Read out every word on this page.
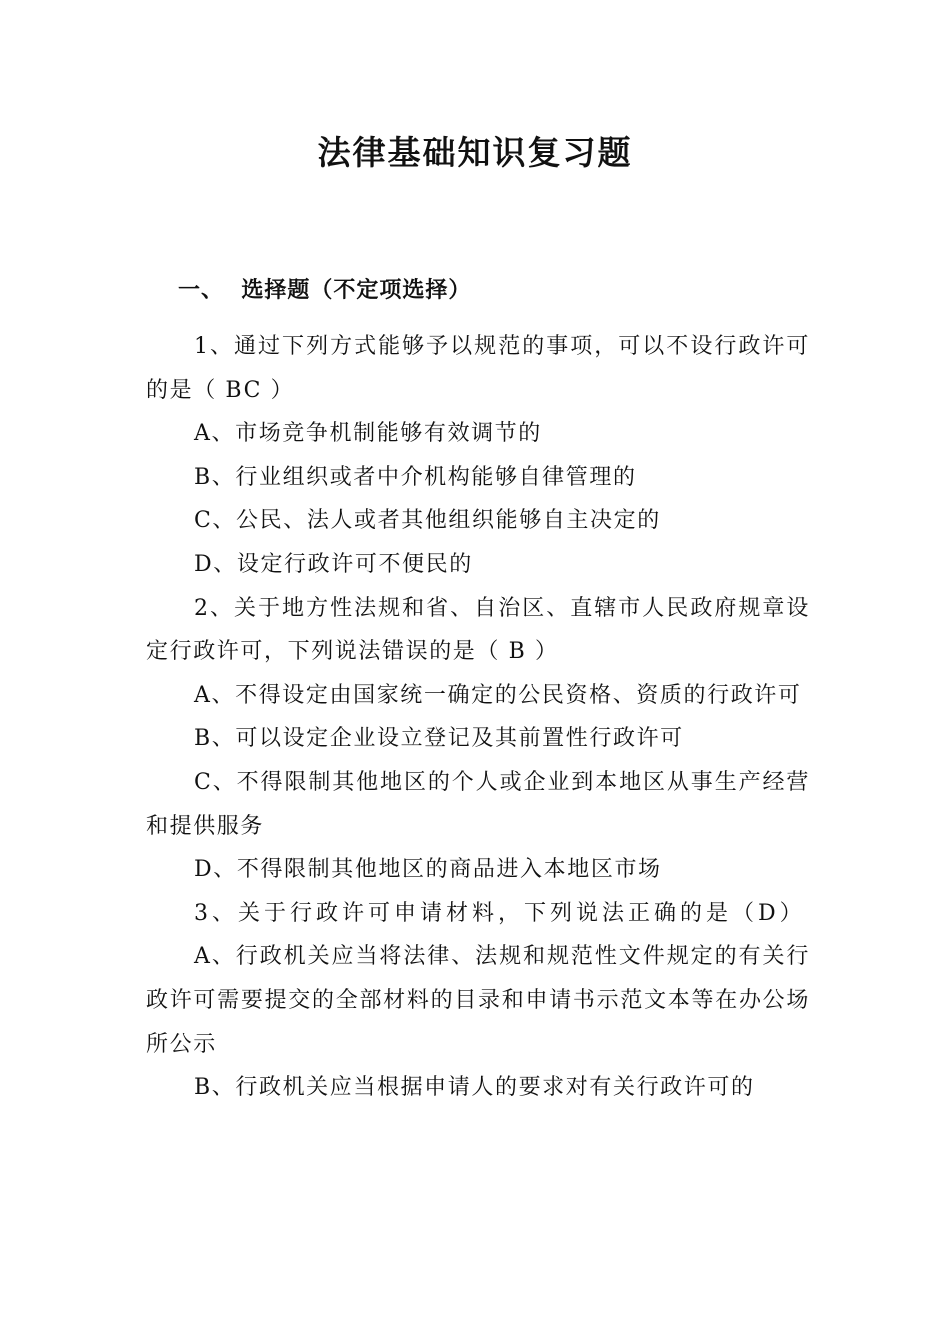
法律基础知识复习题
一、  选择题（不定项选择）

1、通过下列方式能够予以规范的事项，可以不设行政许可的是（ BC ）

A、市场竞争机制能够有效调节的

B、行业组织或者中介机构能够自律管理的

C、公民、法人或者其他组织能够自主决定的

D、设定行政许可不便民的

2、关于地方性法规和省、自治区、直辖市人民政府规章设定行政许可，下列说法错误的是（ B ）

A、不得设定由国家统一确定的公民资格、资质的行政许可

B、可以设定企业设立登记及其前置性行政许可

C、不得限制其他地区的个人或企业到本地区从事生产经营和提供服务

D、不得限制其他地区的商品进入本地区市场

3、关于行政许可申请材料，下列说法正确的是（D）

A、行政机关应当将法律、法规和规范性文件规定的有关行政许可需要提交的全部材料的目录和申请书示范文本等在办公场所公示

B、行政机关应当根据申请人的要求对有关行政许可的
